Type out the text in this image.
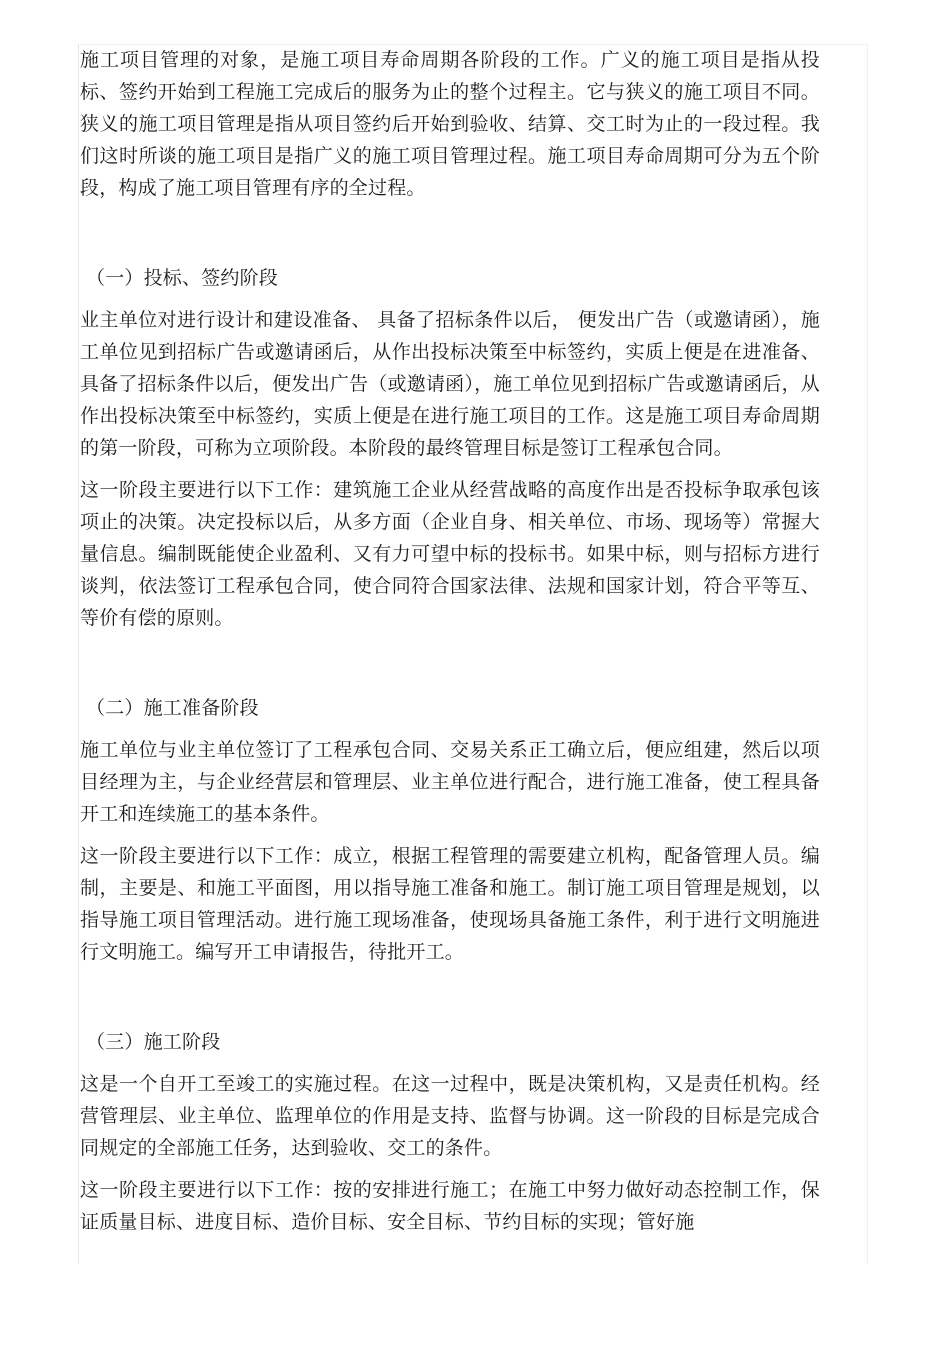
施工项目管理的对象，是施工项目寿命周期各阶段的工作。广义的施工项目是指从投标、签约开始到工程施工完成后的服务为止的整个过程主。它与狭义的施工项目不同。狭义的施工项目管理是指从项目签约后开始到验收、结算、交工时为止的一段过程。我们这时所谈的施工项目是指广义的施工项目管理过程。施工项目寿命周期可分为五个阶段，构成了施工项目管理有序的全过程。

（一）投标、签约阶段

业主单位对进行设计和建设准备、 具备了招标条件以后， 便发出广告（或邀请函），施工单位见到招标广告或邀请函后，从作出投标决策至中标签约，实质上便是在进准备、具备了招标条件以后，便发出广告（或邀请函），施工单位见到招标广告或邀请函后，从作出投标决策至中标签约，实质上便是在进行施工项目的工作。这是施工项目寿命周期的第一阶段，可称为立项阶段。本阶段的最终管理目标是签订工程承包合同。

这一阶段主要进行以下工作：建筑施工企业从经营战略的高度作出是否投标争取承包该项止的决策。决定投标以后，从多方面（企业自身、相关单位、市场、现场等）常握大量信息。编制既能使企业盈利、又有力可望中标的投标书。如果中标，则与招标方进行谈判，依法签订工程承包合同，使合同符合国家法律、法规和国家计划，符合平等互、等价有偿的原则。

（二）施工准备阶段

施工单位与业主单位签订了工程承包合同、交易关系正工确立后，便应组建，然后以项目经理为主，与企业经营层和管理层、业主单位进行配合，进行施工准备，使工程具备开工和连续施工的基本条件。

这一阶段主要进行以下工作：成立，根据工程管理的需要建立机构，配备管理人员。编制，主要是、和施工平面图，用以指导施工准备和施工。制订施工项目管理是规划，以指导施工项目管理活动。进行施工现场准备，使现场具备施工条件，利于进行文明施进行文明施工。编写开工申请报告，待批开工。

（三）施工阶段

这是一个自开工至竣工的实施过程。在这一过程中，既是决策机构，又是责任机构。经营管理层、业主单位、监理单位的作用是支持、监督与协调。这一阶段的目标是完成合同规定的全部施工任务，达到验收、交工的条件。

这一阶段主要进行以下工作：按的安排进行施工；在施工中努力做好动态控制工作，保证质量目标、进度目标、造价目标、安全目标、节约目标的实现；管好施
